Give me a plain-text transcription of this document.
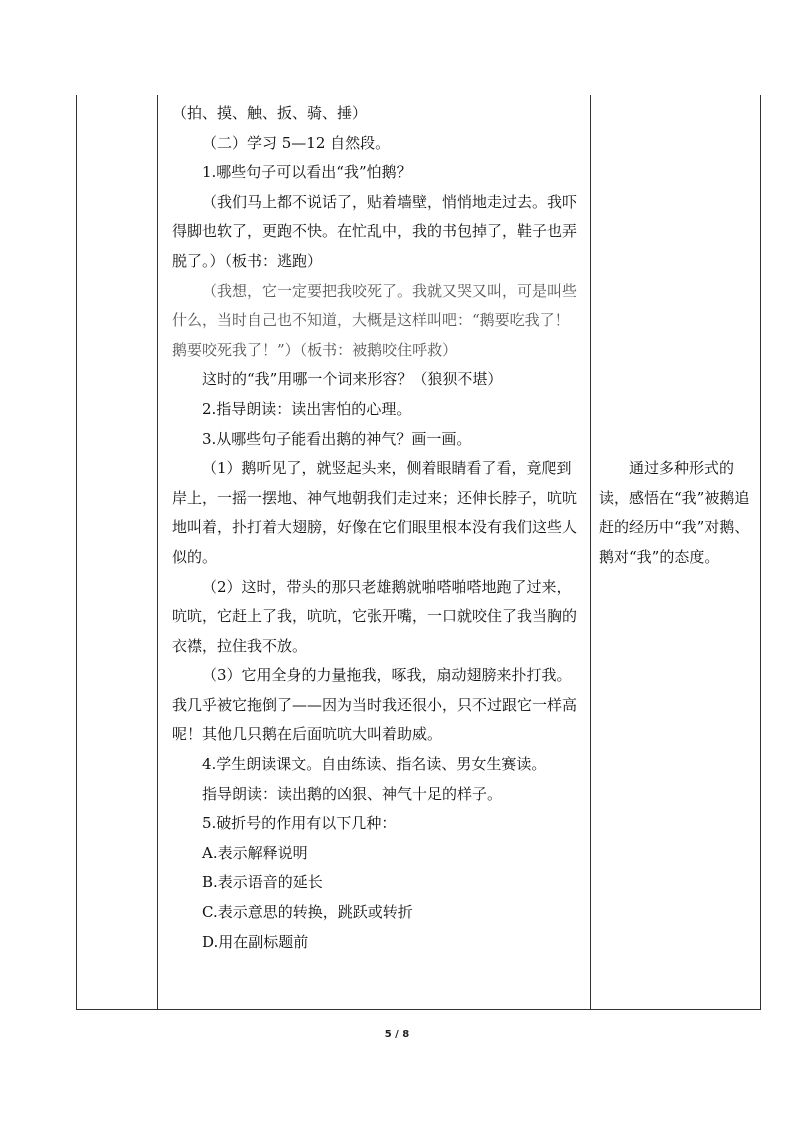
（拍、摸、触、扳、骑、捶）

（二）学习 5—12 自然段。

1.哪些句子可以看出“我”怕鹅？

（我们马上都不说话了，贴着墙壁，悄悄地走过去。我吓得脚也软了，更跑不快。在忙乱中，我的书包掉了，鞋子也弄脱了。）（板书：逃跑）

（我想，它一定要把我咬死了。我就又哭又叫，可是叫些什么，当时自己也不知道，大概是这样叫吧：“鹅要吃我了！鹅要咬死我了！”）（板书：被鹅咬住呼救）

这时的“我”用哪一个词来形容？（狼狈不堪）

2.指导朗读：读出害怕的心理。

3.从哪些句子能看出鹅的神气？画一画。

（1）鹅听见了，就竖起头来，侧着眼睛看了看，竟爬到岸上，一摇一摆地、神气地朝我们走过来；还伸长脖子，吭吭地叫着，扑打着大翅膀，好像在它们眼里根本没有我们这些人似的。

（2）这时，带头的那只老雄鹅就啪嗒啪嗒地跑了过来，吭吭，它赶上了我，吭吭，它张开嘴，一口就咬住了我当胸的衣襟，拉住我不放。

（3）它用全身的力量拖我，啄我，扇动翅膀来扑打我。我几乎被它拖倒了——因为当时我还很小，只不过跟它一样高呢！其他几只鹅在后面吭吭大叫着助威。

4.学生朗读课文。自由练读、指名读、男女生赛读。

指导朗读：读出鹅的凶狠、神气十足的样子。

5.破折号的作用有以下几种：

A.表示解释说明

B.表示语音的延长

C.表示意思的转换，跳跃或转折

D.用在副标题前

通过多种形式的读，感悟在“我”被鹅追赶的经历中“我”对鹅、鹅对“我”的态度。

5 / 8
